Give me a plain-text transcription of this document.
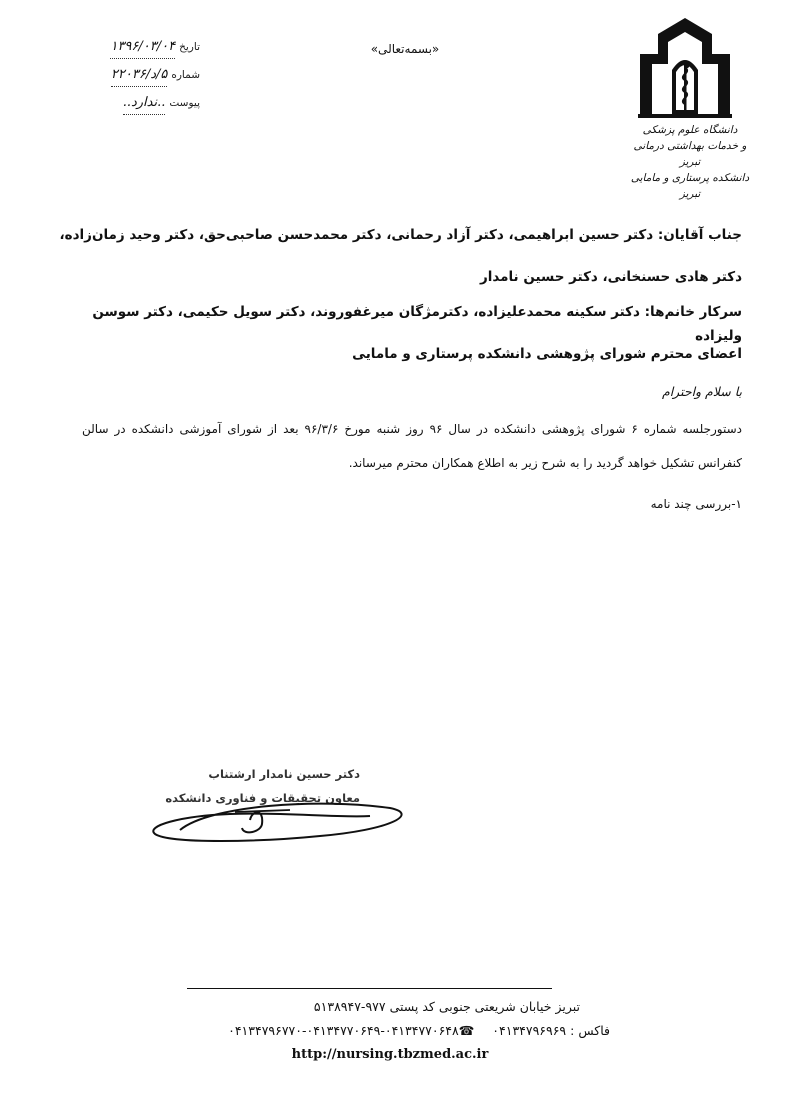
دانشگاه علوم پزشکی
و خدمات بهداشتی درمانی تبریز
دانشکده پرستاری و مامایی تبریز
«بسمه‌تعالی»
تاریخ
۱۳۹۶/۰۳/۰۴
شماره
۵/د/۲۲۰۳۶
پیوست
..ندارد..
جناب آقایان: دکتر حسین ابراهیمی، دکتر آزاد رحمانی، دکتر محمدحسن صاحبی‌حق، دکتر وحید زمان‌زاده، دکتر هادی حسنخانی، دکتر حسین نامدار
سرکار خانم‌ها: دکتر سکینه محمدعلیزاده، دکترمژگان میرغفوروند، دکتر سویل حکیمی، دکتر سوسن ولیزاده
اعضای محترم شورای پژوهشی دانشکده پرستاری و مامایی
با سلام واحترام
دستورجلسه شماره ۶ شورای پژوهشی دانشکده در سال ۹۶ روز شنبه مورخ ۹۶/۳/۶ بعد از شورای آموزشی دانشکده در سالن کنفرانس تشکیل خواهد گردید را به شرح زیر به اطلاع همکاران محترم میرساند.
۱-بررسی چند نامه
دکتر حسین نامدار ارشتناب
معاون تحقیقات و فناوری دانشکده
تبریز خیابان شریعتی جنوبی کد پستی ۹۷۷-۵۱۳۸۹۴۷
فاکس : ۰۴۱۳۴۷۹۶۹۶۹ ☎۰۴۱۳۴۷۷۰۶۴۸-۰۴۱۳۴۷۷۰۶۴۹-۰۴۱۳۴۷۹۶۷۷۰
http://nursing.tbzmed.ac.ir
